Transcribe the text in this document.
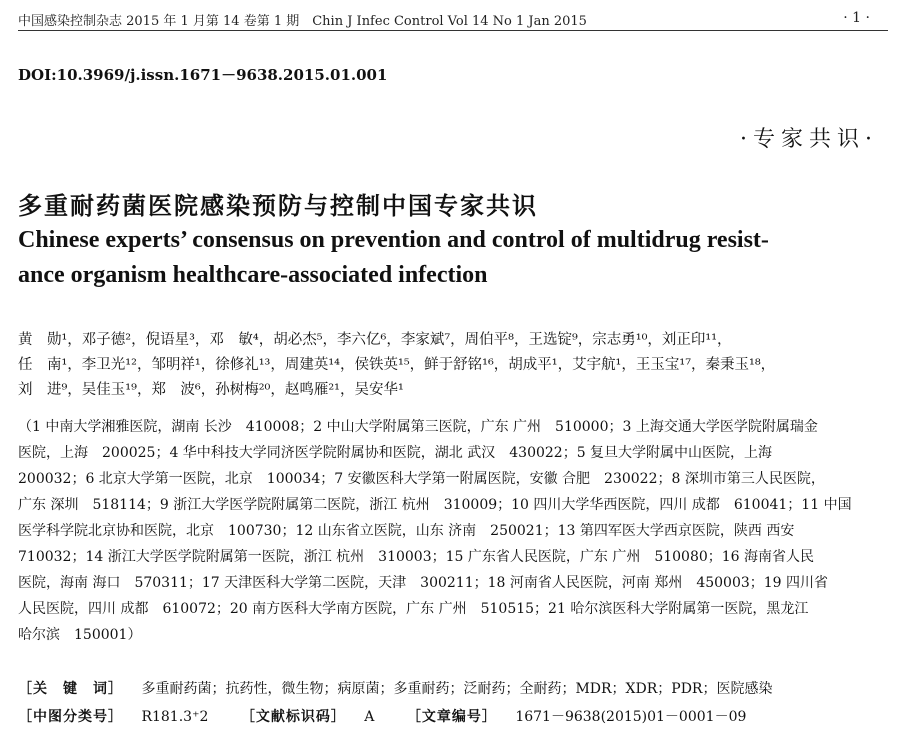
中国感染控制杂志 2015 年 1 月第 14 卷第 1 期　Chin J Infec Control Vol 14 No 1 Jan 2015	· 1 ·
DOI:10.3969/j.issn.1671－9638.2015.01.001
·专家共识·
多重耐药菌医院感染预防与控制中国专家共识
Chinese experts’ consensus on prevention and control of multidrug resist-
ance organism healthcare-associated infection
黄　勋¹，邓子德²，倪语星³，邓　敏⁴，胡必杰⁵，李六亿⁶，李家斌⁷，周伯平⁸，王选锭⁹，宗志勇¹⁰，刘正印¹¹，
任　南¹，李卫光¹²，邹明祥¹，徐修礼¹³，周建英¹⁴，侯铁英¹⁵，鲜于舒铭¹⁶，胡成平¹，艾宇航¹，王玉宝¹⁷，秦秉玉¹⁸，
刘　进⁹，吴佳玉¹⁹，郑　波⁶，孙树梅²⁰，赵鸣雁²¹，吴安华¹
（1 中南大学湘雅医院，湖南 长沙　410008；2 中山大学附属第三医院，广东 广州　510000；3 上海交通大学医学院附属瑞金
医院，上海　200025；4 华中科技大学同济医学院附属协和医院，湖北 武汉　430022；5 复旦大学附属中山医院，上海
200032；6 北京大学第一医院，北京　100034；7 安徽医科大学第一附属医院，安徽 合肥　230022；8 深圳市第三人民医院，
广东 深圳　518114；9 浙江大学医学院附属第二医院，浙江 杭州　310009；10 四川大学华西医院，四川 成都　610041；11 中国
医学科学院北京协和医院，北京　100730；12 山东省立医院，山东 济南　250021；13 第四军医大学西京医院，陕西 西安
710032；14 浙江大学医学院附属第一医院，浙江 杭州　310003；15 广东省人民医院，广东 广州　510080；16 海南省人民
医院，海南 海口　570311；17 天津医科大学第二医院，天津　300211；18 河南省人民医院，河南 郑州　450003；19 四川省
人民医院，四川 成都　610072；20 南方医科大学南方医院，广东 广州　510515；21 哈尔滨医科大学附属第一医院，黑龙江
哈尔滨　150001）
［关　键　词］ 多重耐药菌；抗药性，微生物；病原菌；多重耐药；泛耐药；全耐药；MDR；XDR；PDR；医院感染
［中图分类号］ R181.3⁺2 ［文献标识码］ A ［文章编号］ 1671－9638(2015)01－0001－09
